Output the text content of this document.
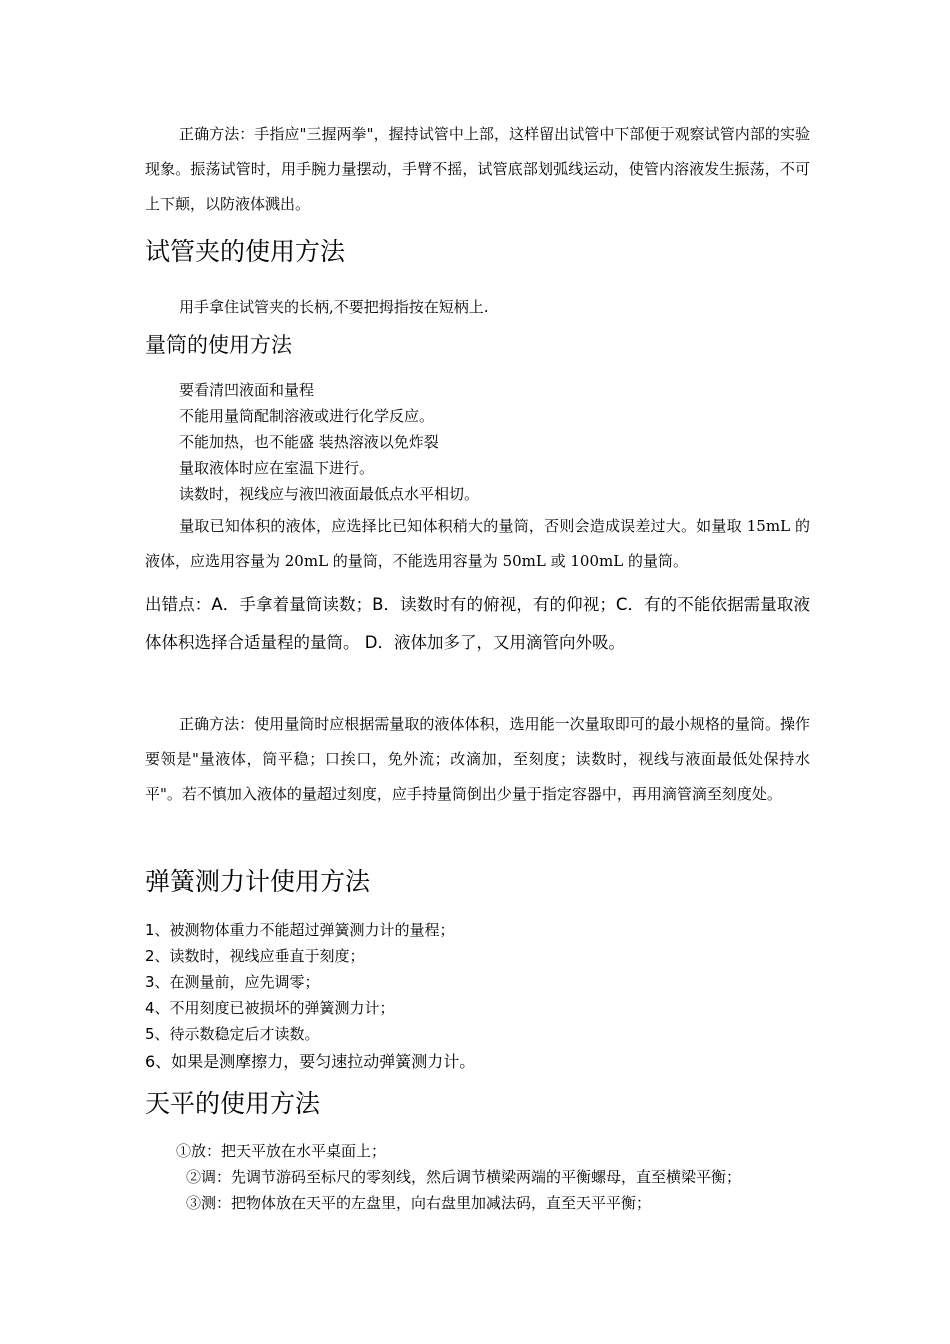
正确方法：手指应"三握两拳"，握持试管中上部，这样留出试管中下部便于观察试管内部的实验现象。振荡试管时，用手腕力量摆动，手臂不摇，试管底部划弧线运动，使管内溶液发生振荡，不可上下颠，以防液体溅出。

试管夹的使用方法

用手拿住试管夹的长柄,不要把拇指按在短柄上.

量筒的使用方法

要看清凹液面和量程

不能用量筒配制溶液或进行化学反应。

不能加热，也不能盛 装热溶液以免炸裂

量取液体时应在室温下进行。

读数时，视线应与液凹液面最低点水平相切。

量取已知体积的液体，应选择比已知体积稍大的量筒，否则会造成误差过大。如量取 15mL 的液体，应选用容量为 20mL 的量筒，不能选用容量为 50mL 或 100mL 的量筒。

出错点：A．手拿着量筒读数；B．读数时有的俯视，有的仰视；C．有的不能依据需量取液体体积选择合适量程的量筒。 D．液体加多了，又用滴管向外吸。

正确方法：使用量筒时应根据需量取的液体体积，选用能一次量取即可的最小规格的量筒。操作要领是"量液体，筒平稳；口挨口，免外流；改滴加，至刻度；读数时，视线与液面最低处保持水平"。若不慎加入液体的量超过刻度，应手持量筒倒出少量于指定容器中，再用滴管滴至刻度处。

弹簧测力计使用方法

1、被测物体重力不能超过弹簧测力计的量程；

2、读数时，视线应垂直于刻度；

3、在测量前，应先调零；

4、不用刻度已被损坏的弹簧测力计；

5、待示数稳定后才读数。

6、如果是测摩擦力，要匀速拉动弹簧测力计。

天平的使用方法

①放：把天平放在水平桌面上；

②调：先调节游码至标尺的零刻线，然后调节横梁两端的平衡螺母，直至横梁平衡；

③测：把物体放在天平的左盘里，向右盘里加减法码，直至天平平衡；
